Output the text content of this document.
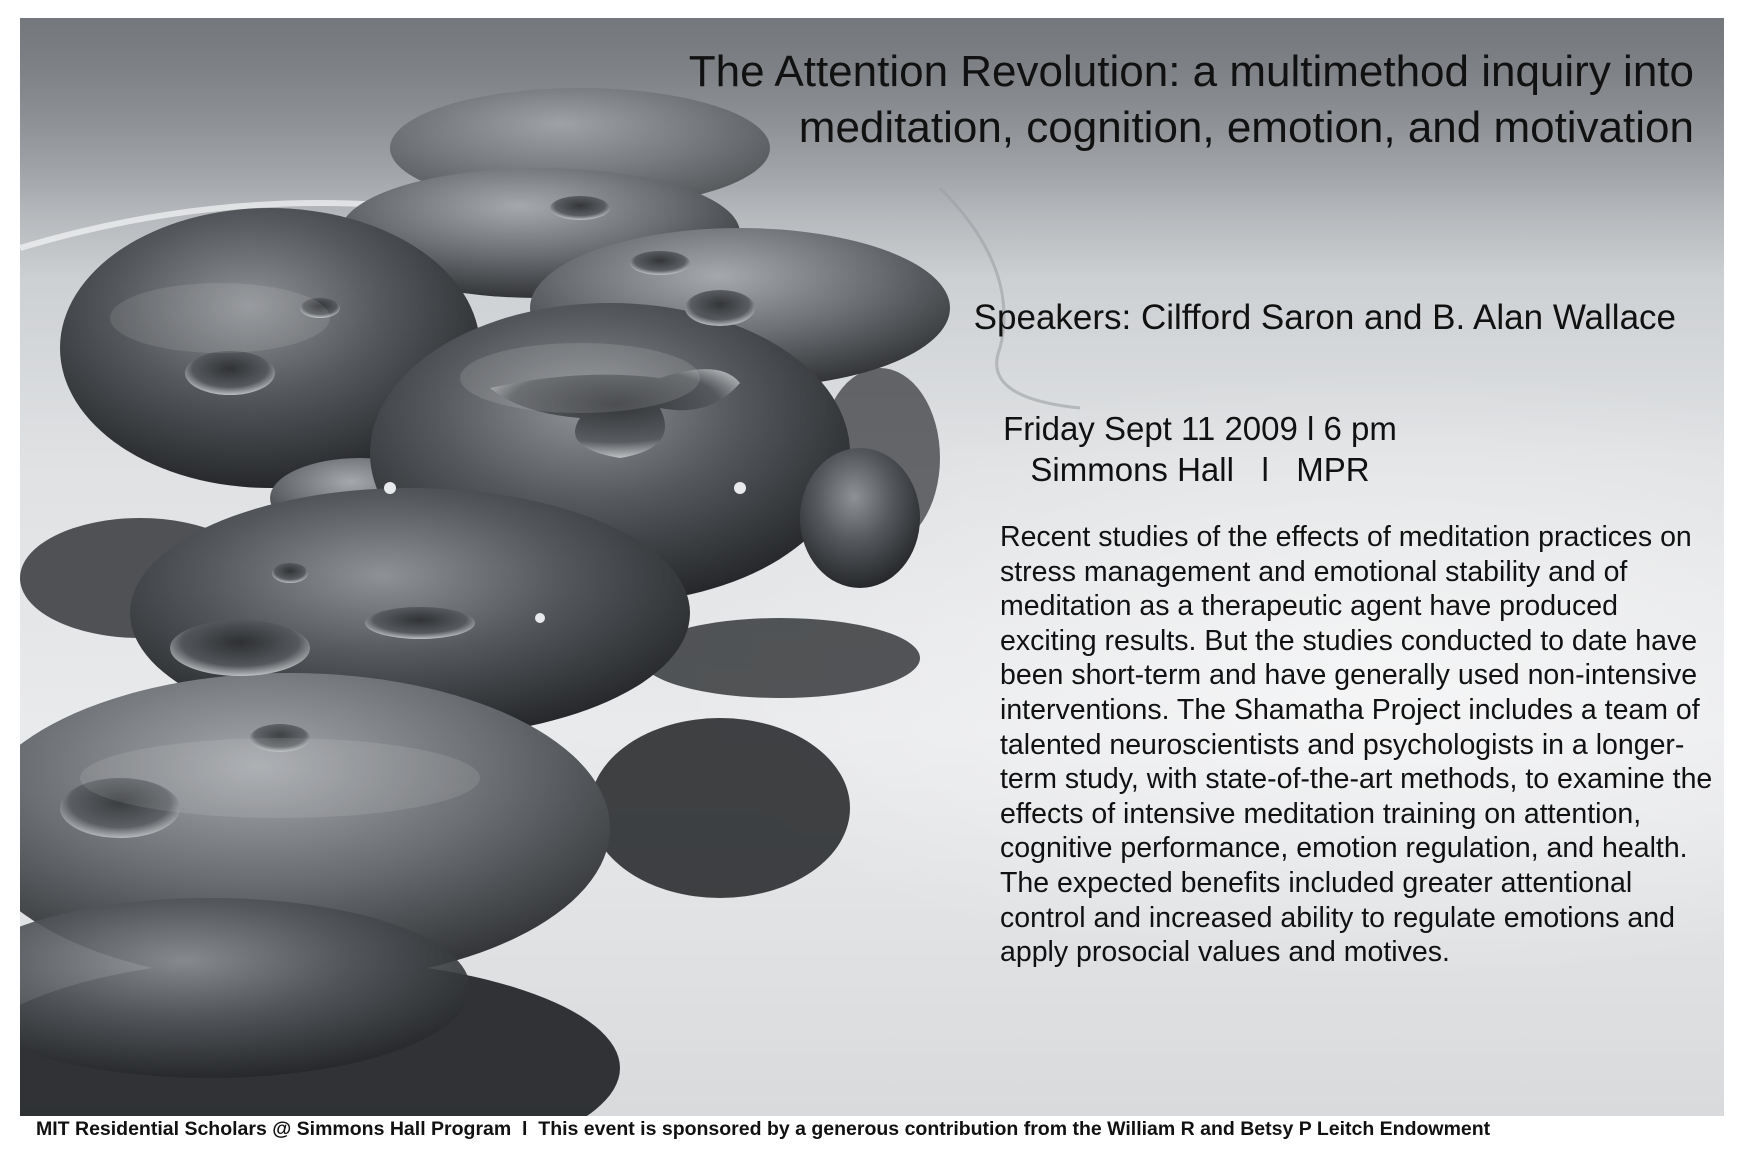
The Attention Revolution: a multimethod inquiry into meditation, cognition, emotion, and motivation
Speakers: Cilfford Saron and B. Alan Wallace
Friday Sept 11 2009 l 6 pm
Simmons Hall   l   MPR
Recent studies of the effects of meditation practices on stress management and emotional stability and of meditation as a therapeutic agent have produced exciting results. But the studies conducted to date have been short-term and have generally used non-intensive interventions. The Shamatha Project includes a team of talented neuroscientists and psychologists in a longer-term study, with state-of-the-art methods, to examine the effects of intensive meditation training on attention, cognitive performance, emotion regulation, and health. The expected benefits included greater attentional control and increased ability to regulate emotions and apply prosocial values and motives.
MIT Residential Scholars @ Simmons Hall Program  l  This event is sponsored by a generous contribution from the William R and Betsy P Leitch Endowment
